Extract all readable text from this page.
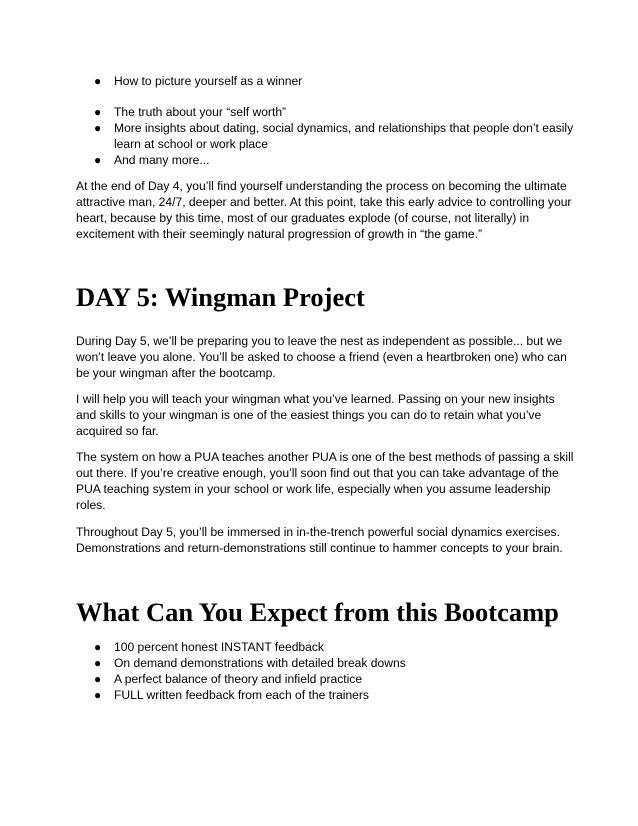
● How to picture yourself as a winner
● The truth about your “self worth”
● More insights about dating, social dynamics, and relationships that people don’t easily learn at school or work place
● And many more...

At the end of Day 4, you’ll find yourself understanding the process on becoming the ultimate attractive man, 24/7, deeper and better. At this point, take this early advice to controlling your heart, because by this time, most of our graduates explode (of course, not literally) in excitement with their seemingly natural progression of growth in “the game.”

DAY 5: Wingman Project

During Day 5, we’ll be preparing you to leave the nest as independent as possible... but we won’t leave you alone. You’ll be asked to choose a friend (even a heartbroken one) who can be your wingman after the bootcamp.

I will help you will teach your wingman what you’ve learned. Passing on your new insights and skills to your wingman is one of the easiest things you can do to retain what you’ve acquired so far.

The system on how a PUA teaches another PUA is one of the best methods of passing a skill out there. If you’re creative enough, you’ll soon find out that you can take advantage of the PUA teaching system in your school or work life, especially when you assume leadership roles.

Throughout Day 5, you’ll be immersed in in-the-trench powerful social dynamics exercises. Demonstrations and return-demonstrations still continue to hammer concepts to your brain.

What Can You Expect from this Bootcamp
● 100 percent honest INSTANT feedback
● On demand demonstrations with detailed break downs
● A perfect balance of theory and infield practice
● FULL written feedback from each of the trainers
